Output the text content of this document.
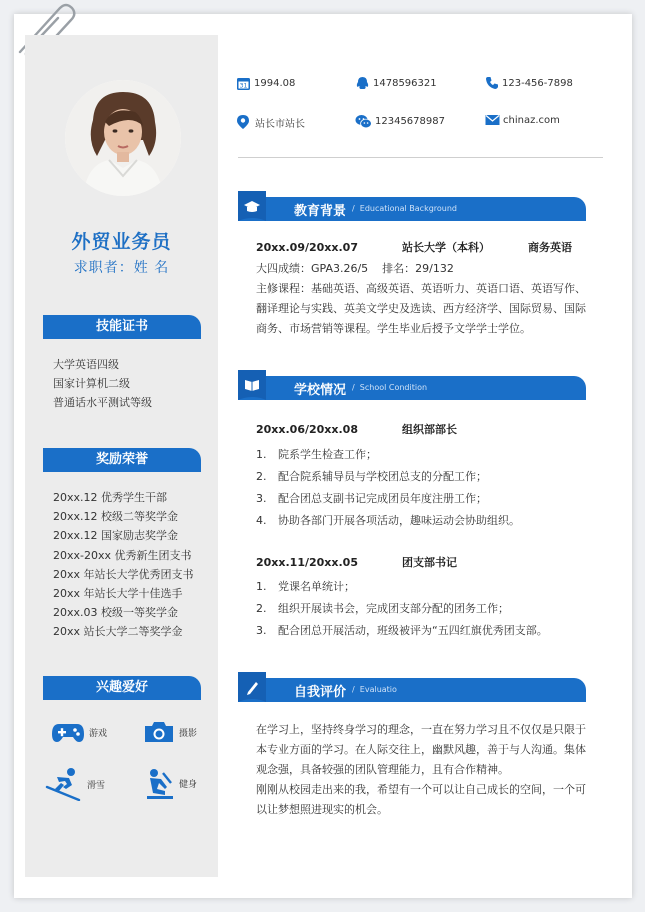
外贸业务员
求职者：姓 名
技能证书
大学英语四级
国家计算机二级
普通话水平测试等级
奖励荣誉
20xx.12 优秀学生干部
20xx.12 校级二等奖学金
20xx.12 国家励志奖学金
20xx-20xx 优秀新生团支书
20xx 年站长大学优秀团支书
20xx 年站长大学十佳选手
20xx.03 校级一等奖学金
20xx 站长大学二等奖学金
兴趣爱好
游戏	摄影
滑雪	健身
31 1994.08	1478596321	123-456-7898
站长市站长	12345678987	chinaz.com
教育背景 /  Educational Background
20xx.09/20xx.07	站长大学（本科）	商务英语
大四成绩：GPA3.26/5    排名：29/132
主修课程：基础英语、高级英语、英语听力、英语口语、英语写作、
翻译理论与实践、英美文学史及选读、西方经济学、国际贸易、国际
商务、市场营销等课程。学生毕业后授予文学学士学位。
学校情况 /  School Condition
20xx.06/20xx.08	组织部部长
1. 院系学生检查工作；
2. 配合院系辅导员与学校团总支的分配工作；
3. 配合团总支副书记完成团员年度注册工作；
4. 协助各部门开展各项活动，趣味运动会协助组织。
20xx.11/20xx.05	团支部书记
1. 党课名单统计；
2. 组织开展读书会，完成团支部分配的团务工作；
3. 配合团总开展活动，班级被评为“五四红旗优秀团支部。
自我评价 /  Evaluatio
在学习上，坚持终身学习的理念，一直在努力学习且不仅仅是只限于
本专业方面的学习。在人际交往上，幽默风趣，善于与人沟通。集体
观念强，具备较强的团队管理能力，且有合作精神。
刚刚从校园走出来的我，希望有一个可以让自己成长的空间，一个可
以让梦想照进现实的机会。
